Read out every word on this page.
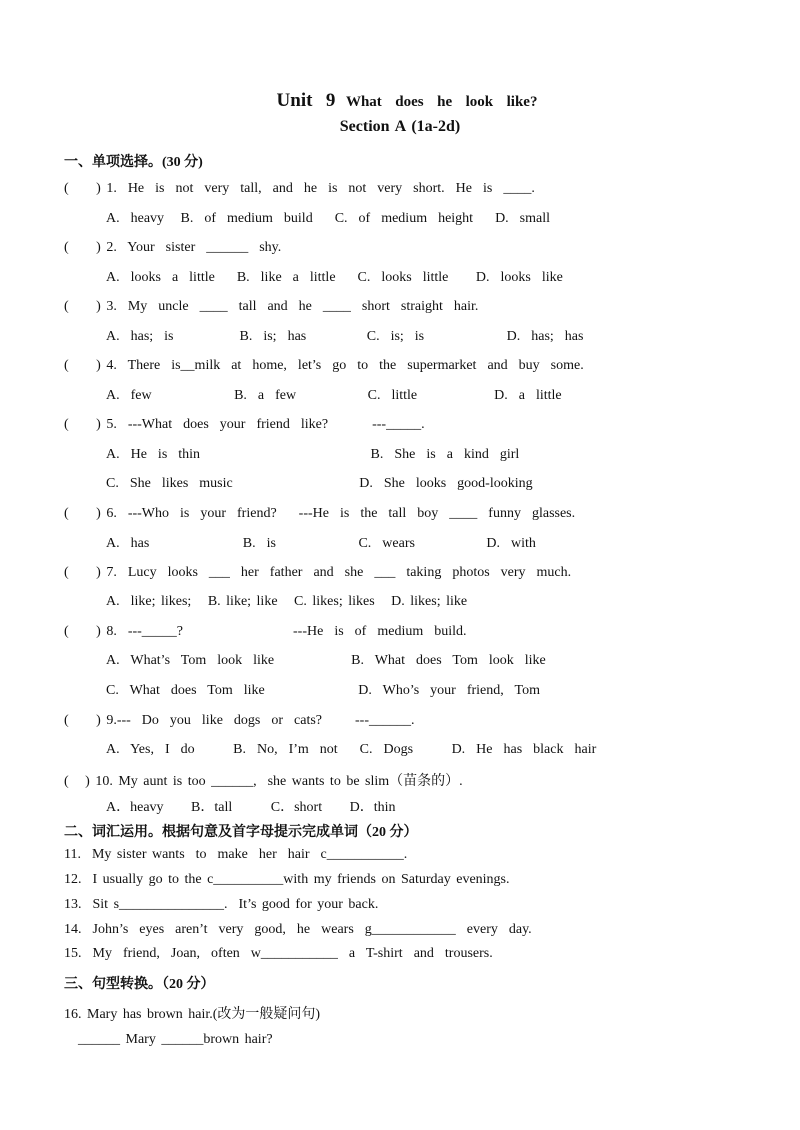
Unit  9 What  does  he  look  like?

Section A (1a-2d)
一、单项选择。(30 分)
(     ) 1.  He  is  not  very  tall,  and  he  is  not  very  short.  He  is  ____.
A.  heavy   B.  of  medium  build    C.  of  medium  height    D.  small
(     ) 2.  Your  sister  ______  shy.
A.  looks  a  little    B.  like  a  little    C.  looks  little     D.  looks  like
(     ) 3.  My  uncle  ____  tall  and  he  ____  short  straight  hair.
A.  has;  is            B.  is;  has           C.  is;  is               D.  has;  has
(     ) 4.  There  is__milk  at  home,  let’s  go  to  the  supermarket  and  buy  some.
A.  few               B.  a  few             C.  little              D.  a  little
(     ) 5.  ---What  does  your  friend  like?        ---_____.
A.  He  is  thin                               B.  She  is  a  kind  girl
C.  She  likes  music                       D.  She  looks  good-looking
(     ) 6.  ---Who  is  your  friend?    ---He  is  the  tall  boy  ____  funny  glasses.
A.  has                 B.  is               C.  wears             D.  with
(     ) 7.  Lucy  looks  ___  her  father  and  she  ___  taking  photos  very  much.
A.  like; likes;   B. like; like   C. likes; likes   D. likes; like
(     ) 8.  ---_____?                    ---He  is  of  medium  build.
A.  What’s  Tom  look  like              B.  What  does  Tom  look  like
C.  What  does  Tom  like                 D.  Who’s  your  friend,  Tom
(     ) 9.---  Do  you  like  dogs  or  cats?      ---______.
A.  Yes,  I  do       B.  No,  I’m  not    C.  Dogs       D.  He  has  black  hair
(   ) 10. My aunt is too ______,  she wants to be slim（苗条的）.
A．heavy     B．tall       C．short     D．thin
二、词汇运用。根据句意及首字母提示完成单词（20 分）
11.  My sister wants  to  make  her  hair  c___________.
12.  I usually go to the c__________with my friends on Saturday evenings.
13.  Sit s_______________.  It’s good for your back.
14.  John’s  eyes  aren’t  very  good,  he  wears  g____________  every  day.
15.  My  friend,  Joan,  often  w___________  a  T-shirt  and  trousers.
三、句型转换。（20 分）
16. Mary has brown hair.(改为一般疑问句)
______ Mary ______brown hair?
